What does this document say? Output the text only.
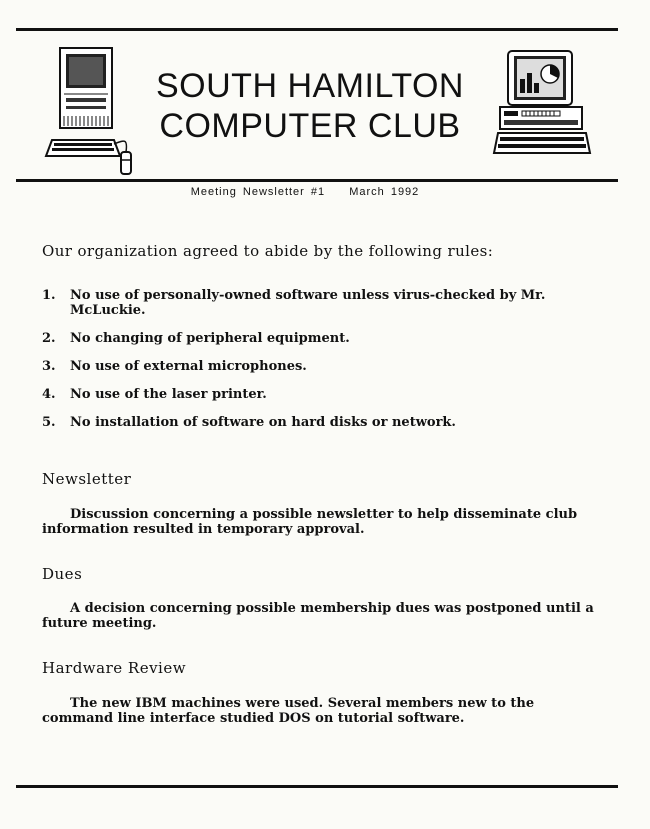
SOUTH HAMILTON
COMPUTER CLUB
Meeting Newsletter #1 March 1992
Our organization agreed to abide by the following rules:
1.	No use of personally-owned software unless virus-checked by Mr. McLuckie.
2.	No changing of peripheral equipment.
3.	No use of external microphones.
4.	No use of the laser printer.
5.	No installation of software on hard disks or network.
Newsletter
Discussion concerning a possible newsletter to help disseminate club information resulted in temporary approval.
Dues
A decision concerning possible membership dues was postponed until a future meeting.
Hardware Review
The new IBM machines were used. Several members new to the command line interface studied DOS on tutorial software.
